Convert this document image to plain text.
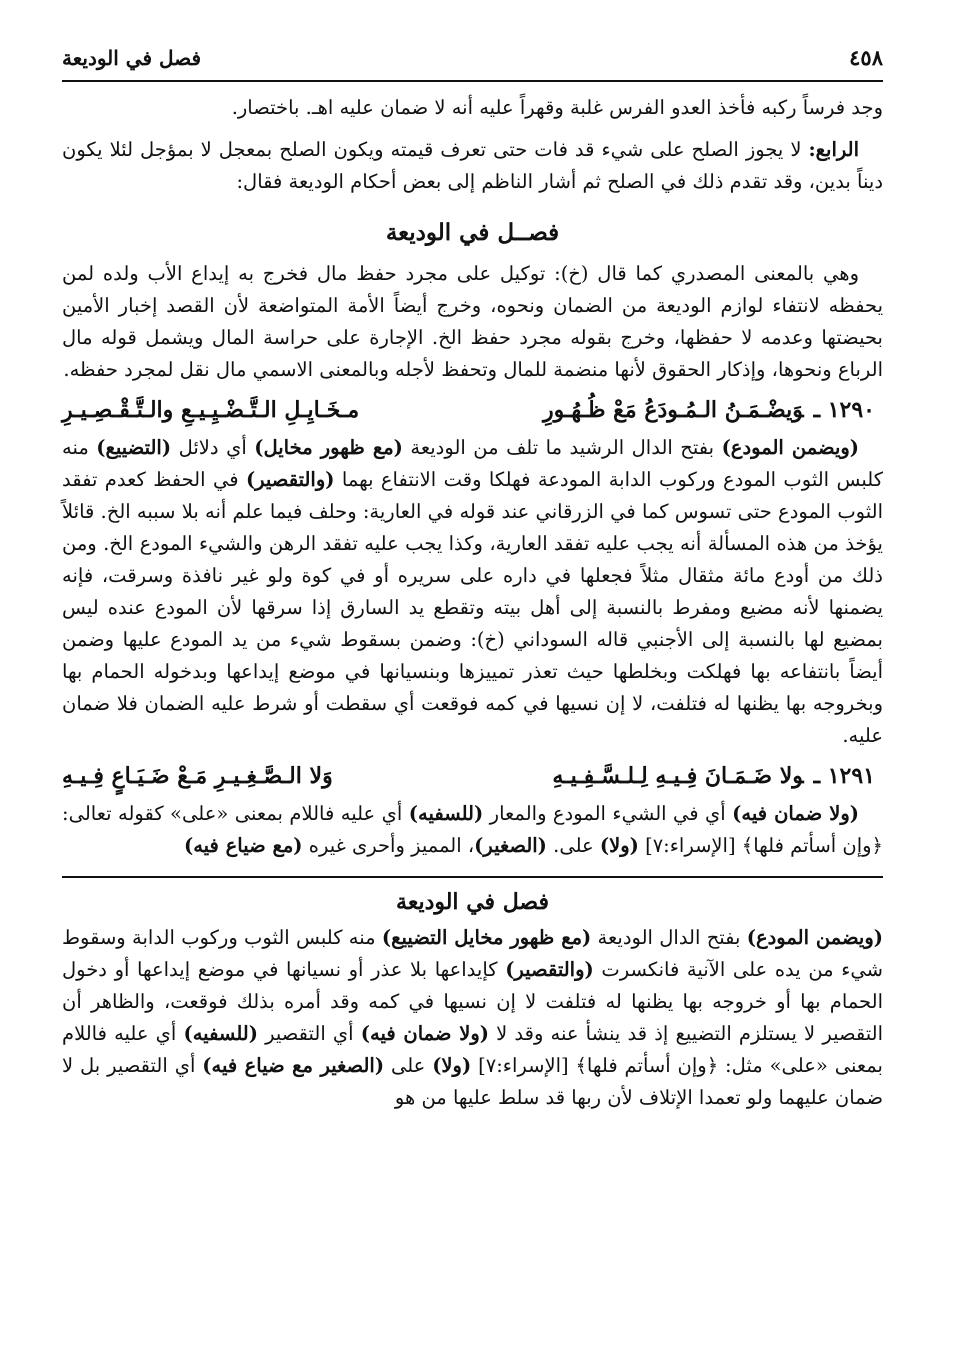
٤٥٨
فصل في الوديعة

وجد فرساً ركبه فأخذ العدو الفرس غلبة وقهراً عليه أنه لا ضمان عليه اهـ. باختصار.

الرابع: لا يجوز الصلح على شيء قد فات حتى تعرف قيمته ويكون الصلح بمعجل لا بمؤجل لئلا يكون ديناً بدين، وقد تقدم ذلك في الصلح ثم أشار الناظم إلى بعض أحكام الوديعة فقال:

فصــل في الوديعة

وهي بالمعنى المصدري كما قال (خ): توكيل على مجرد حفظ مال فخرج به إيداع الأب ولده لمن يحفظه لانتفاء لوازم الوديعة من الضمان ونحوه، وخرج أيضاً الأمة المتواضعة لأن القصد إخبار الأمين بحيضتها وعدمه لا حفظها، وخرج بقوله مجرد حفظ الخ. الإجارة على حراسة المال ويشمل قوله مال الرباع ونحوها، وإذكار الحقوق لأنها منضمة للمال وتحفظ لأجله وبالمعنى الاسمي مال نقل لمجرد حفظه.

١٢٩٠ ـوَيضْـمَـنُ الـمُـودَعُ مَعْ ظُـهُـورِ
مـخَـايِـلِ الـتَّـضْـيِـيـعِ والـتَّـقْـصِـيـرِ

(ويضمن المودع) بفتح الدال الرشيد ما تلف من الوديعة (مع ظهور مخايل) أي دلائل (التضييع) منه كلبس الثوب المودع وركوب الدابة المودعة فهلكا وقت الانتفاع بهما (والتقصير) في الحفظ كعدم تفقد الثوب المودع حتى تسوس كما في الزرقاني عند قوله في العارية: وحلف فيما علم أنه بلا سببه الخ. قائلاً يؤخذ من هذه المسألة أنه يجب عليه تفقد العارية، وكذا يجب عليه تفقد الرهن والشيء المودع الخ. ومن ذلك من أودع مائة مثقال مثلاً فجعلها في داره على سريره أو في كوة ولو غير نافذة وسرقت، فإنه يضمنها لأنه مضيع ومفرط بالنسبة إلى أهل بيته وتقطع يد السارق إذا سرقها لأن المودع عنده ليس بمضيع لها بالنسبة إلى الأجنبي قاله السوداني (خ): وضمن بسقوط شيء من يد المودع عليها وضمن أيضاً بانتفاعه بها فهلكت وبخلطها حيث تعذر تمييزها وبنسيانها في موضع إيداعها وبدخوله الحمام بها وبخروجه بها يظنها له فتلفت، لا إن نسيها في كمه فوقعت أي سقطت أو شرط عليه الضمان فلا ضمان عليه.

١٢٩١ ـولا ضَـمَـانَ فِـيـهِ لِـلـسَّـفِـيـهِ
وَلا الـصَّـغِـيـرِ مَـعْ ضَـيَـاعٍ فِـيـهِ

(ولا ضمان فيه) أي في الشيء المودع والمعار (للسفيه) أي عليه فاللام بمعنى «على» كقوله تعالى: ﴿وإن أسأتم فلها﴾ [الإسراء:٧] (ولا) على. (الصغير)، المميز وأحرى غيره (مع ضياع فيه)

فصل في الوديعة

(ويضمن المودع) بفتح الدال الوديعة (مع ظهور مخايل التضييع) منه كلبس الثوب وركوب الدابة وسقوط شيء من يده على الآنية فانكسرت (والتقصير) كإيداعها بلا عذر أو نسيانها في موضع إيداعها أو دخول الحمام بها أو خروجه بها يظنها له فتلفت لا إن نسيها في كمه وقد أمره بذلك فوقعت، والظاهر أن التقصير لا يستلزم التضييع إذ قد ينشأ عنه وقد لا (ولا ضمان فيه) أي التقصير (للسفيه) أي عليه فاللام بمعنى «على» مثل: ﴿وإن أسأتم فلها﴾ [الإسراء:٧] (ولا) على (الصغير مع ضياع فيه) أي التقصير بل لا ضمان عليهما ولو تعمدا الإتلاف لأن ربها قد سلط عليها من هو
